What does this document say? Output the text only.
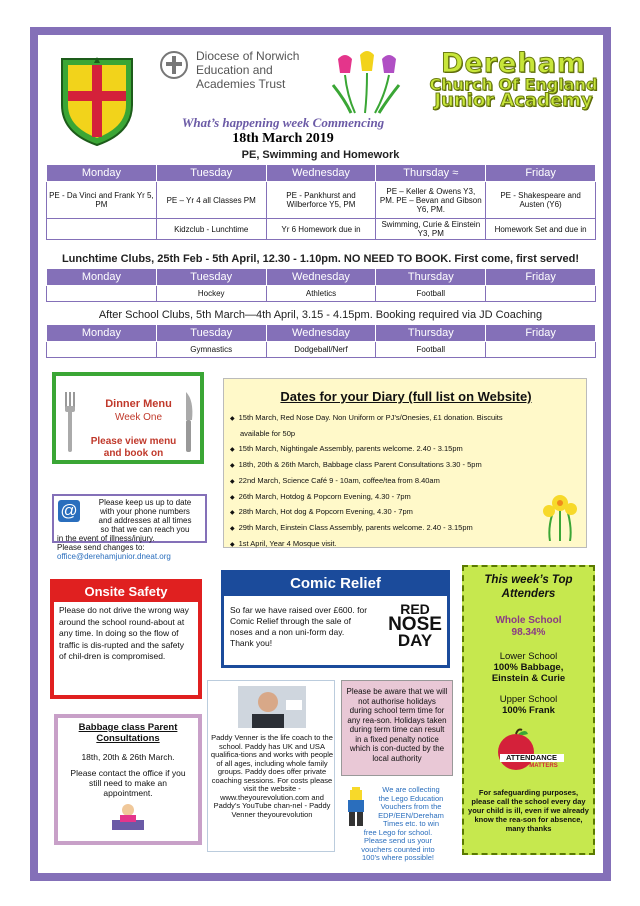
Diocese of Norwich
Education and
Academies Trust
Dereham
Church Of England
Junior Academy
What’s happening week Commencing
18th March 2019
PE, Swimming and Homework
Monday	Tuesday	Wednesday	Thursday ≈	Friday
PE - Da Vinci and Frank Yr 5, PM	PE – Yr 4 all Classes PM	PE - Pankhurst and Wilberforce Y5, PM	PE – Keller & Owens Y3, PM. PE – Bevan and Gibson Y6, PM.	PE - Shakespeare and Austen (Y6)
	Kidzclub - Lunchtime	Yr 6 Homework due in	Swimming, Curie & Einstein Y3, PM	Homework Set and due in
Lunchtime Clubs, 25th Feb - 5th April, 12.30 - 1.10pm. NO NEED TO BOOK. First come, first served!
Monday	Tuesday	Wednesday	Thursday	Friday
	Hockey	Athletics	Football	
After School Clubs, 5th March—4th April, 3.15 - 4.15pm. Booking required via JD Coaching
Monday	Tuesday	Wednesday	Thursday	Friday
	Gymnastics	Dodgeball/Nerf	Football	
Dinner Menu
Week One
Please view menu
and book on
@	Please keep us up to date
with your phone numbers
and addresses at all times
so that we can reach you
in the event of illness/injury.
Please send changes to:
office@derehamjunior.dneat.org
Dates for your Diary (full list on Website)
◆ 15th March, Red Nose Day. Non Uniform or PJ’s/Onesies, £1 donation. Biscuits
available for 50p
◆ 15th March, Nightingale Assembly, parents welcome. 2.40 - 3.15pm
◆ 18th, 20th & 26th March, Babbage class Parent Consultations 3.30 - 5pm
◆ 22nd March, Science Café 9 - 10am, coffee/tea from 8.40am
◆ 26th March, Hotdog & Popcorn Evening, 4.30 - 7pm
◆ 28th March, Hot dog & Popcorn Evening, 4.30 - 7pm
◆ 29th March, Einstein Class Assembly, parents welcome. 2.40 - 3.15pm
◆ 1st April, Year 4 Mosque visit.
Onsite Safety
Please do not drive the wrong way around the school round-about at any time. In doing so the flow of traffic is dis-rupted and the safety of chil-dren is compromised.
Comic Relief
So far we have raised over £600. for Comic Relief through the sale of noses and a non uni-form day. Thank you!
RED
NOSE
DAY
This week’s Top
Attenders
Whole School
98.34%
Lower School
100% Babbage,
Einstein & Curie
Upper School
100% Frank
ATTENDANCE
MATTERS
For safeguarding purposes, please call the school every day your child is ill, even if we already know the rea-son for absence, many thanks
Babbage class Parent
Consultations
18th, 20th & 26th March.
Please contact the office if you still need to make an appointment.
Paddy Venner is the life coach to the school. Paddy has UK and USA qualifica-tions and works with people of all ages, including whole family groups. Paddy does offer private coaching sessions. For costs please visit the website - www.theyourevolution.com and Paddy’s YouTube chan-nel - Paddy Venner theyourevolution
Please be aware that we will not authorise holidays during school term time for any rea-son. Holidays taken during term time can result in a fixed penalty notice which is con-ducted by the local authority
We are collecting
the Lego Education
Vouchers from the
EDP/EEN/Dereham
Times etc. to win
free Lego for school.
Please send us your
vouchers counted into
100’s where possible!
